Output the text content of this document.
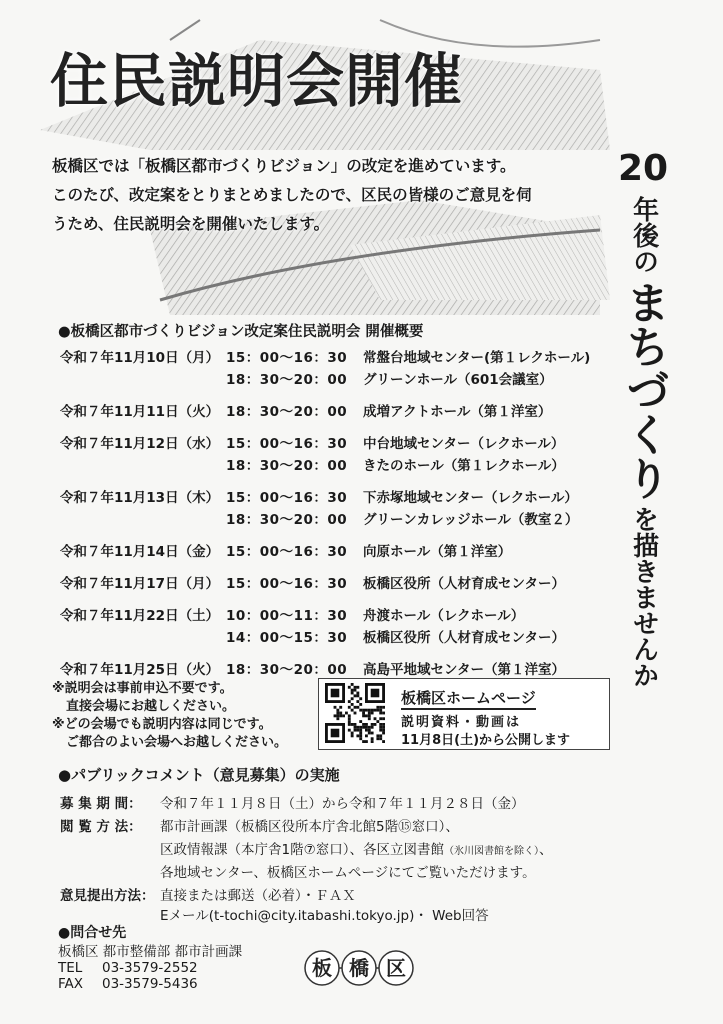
住民説明会開催
板橋区では「板橋区都市づくりビジョン」の改定を進めています。
このたび、改定案をとりまとめましたので、区民の皆様のご意見を伺
うため、住民説明会を開催いたします。
20
年後の
まちづくり
を描きませんか
●板橋区都市づくりビジョン改定案住民説明会 開催概要
令和７年11月10日（月） 15：00〜16：30 常盤台地域センター(第１レクホール)
18：30〜20：00 グリーンホール（601会議室）
令和７年11月11日（火） 18：30〜20：00 成増アクトホール（第１洋室）
令和７年11月12日（水） 15：00〜16：30 中台地域センター（レクホール）
18：30〜20：00 きたのホール（第１レクホール）
令和７年11月13日（木） 15：00〜16：30 下赤塚地域センター（レクホール）
18：30〜20：00 グリーンカレッジホール（教室２）
令和７年11月14日（金） 15：00〜16：30 向原ホール（第１洋室）
令和７年11月17日（月） 15：00〜16：30 板橋区役所（人材育成センター）
令和７年11月22日（土） 10：00〜11：30 舟渡ホール（レクホール）
14：00〜15：30 板橋区役所（人材育成センター）
令和７年11月25日（火） 18：30〜20：00 高島平地域センター（第１洋室）
※説明会は事前申込不要です。
直接会場にお越しください。
※どの会場でも説明内容は同じです。
ご都合のよい会場へお越しください。
板橋区ホームページ
説明資料・動画は
11月8日(土)から公開します
●パブリックコメント（意見募集）の実施
募 集 期 間： 令和７年１１月８日（土）から令和７年１１月２８日（金）
閲 覧 方 法： 都市計画課（板橋区役所本庁舎北館5階⑮窓口）、
区政情報課（本庁舎1階⑦窓口）、各区立図書館（氷川図書館を除く）、
各地域センター、板橋区ホームページにてご覧いただけます。
意見提出方法： 直接または郵送（必着）・ＦＡＸ
Eメール(t-tochi@city.itabashi.tokyo.jp)・ Web回答
●問合せ先
板橋区 都市整備部 都市計画課
TEL 03-3579-2552
FAX 03-3579-5436
板 橋 区
